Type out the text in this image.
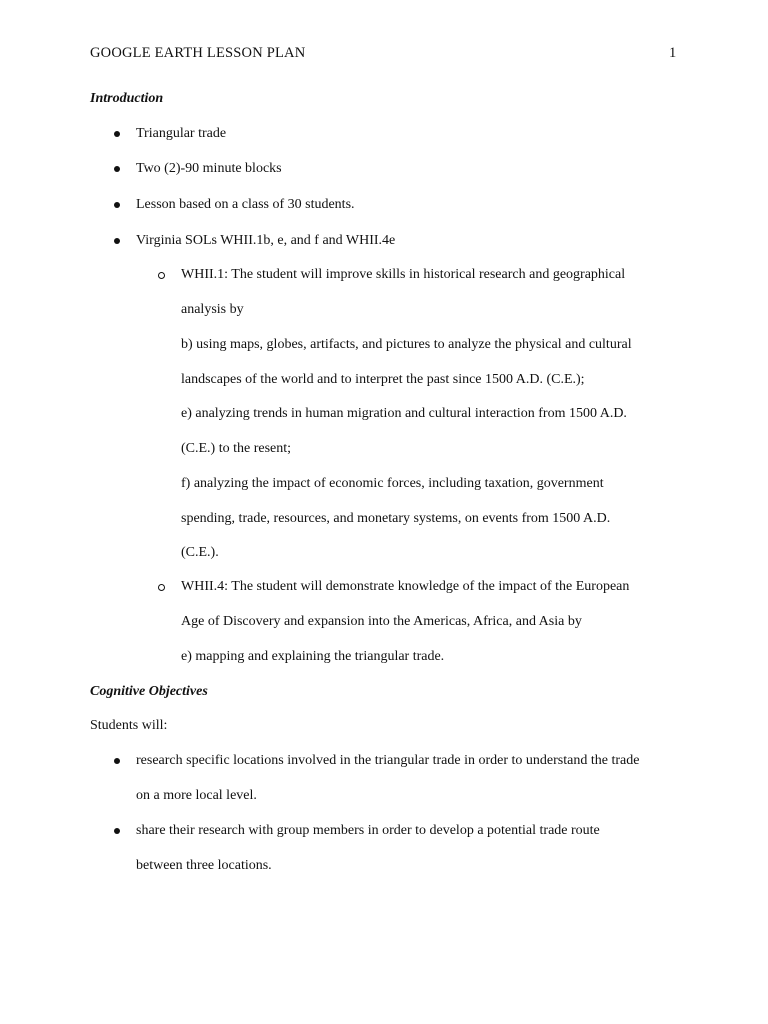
GOOGLE EARTH LESSON PLAN	1
Introduction
Triangular trade
Two (2)-90 minute blocks
Lesson based on a class of 30 students.
Virginia SOLs WHII.1b, e, and f and WHII.4e
WHII.1: The student will improve skills in historical research and geographical
analysis by
b) using maps, globes, artifacts, and pictures to analyze the physical and cultural
landscapes of the world and to interpret the past since 1500 A.D. (C.E.);
e) analyzing trends in human migration and cultural interaction from 1500 A.D.
(C.E.) to the resent;
f) analyzing the impact of economic forces, including taxation, government
spending, trade, resources, and monetary systems, on events from 1500 A.D.
(C.E.).
WHII.4: The student will demonstrate knowledge of the impact of the European
Age of Discovery and expansion into the Americas, Africa, and Asia by
e) mapping and explaining the triangular trade.
Cognitive Objectives
Students will:
research specific locations involved in the triangular trade in order to understand the trade
on a more local level.
share their research with group members in order to develop a potential trade route
between three locations.
